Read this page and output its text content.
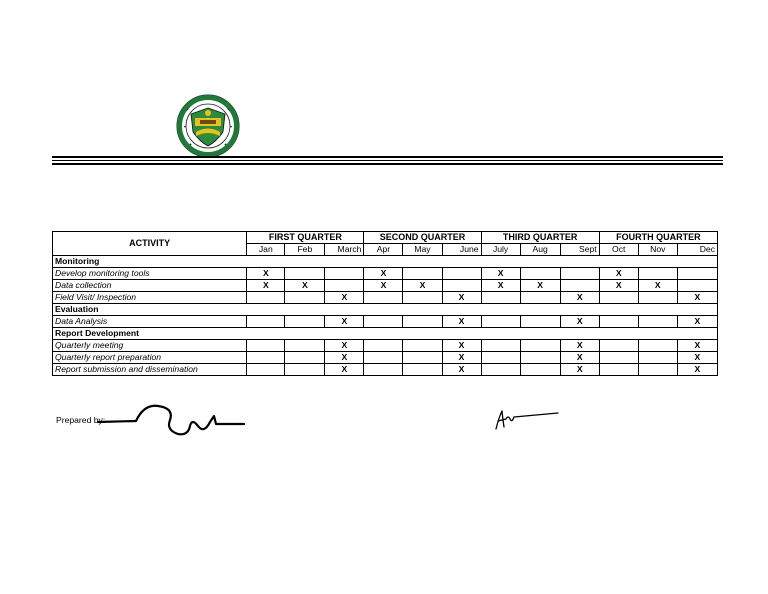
ACTIVITY	FIRST QUARTER			SECOND QUARTER			THIRD QUARTER			FOURTH QUARTER		
	Jan	Feb	March	Apr	May	June	July	Aug	Sept	Oct	Nov	Dec
Monitoring												
Develop monitoring tools	X			X			X			X		
Data collection	X	X		X	X		X	X		X	X	
Field Visit/ Inspection			X			X			X			X
Evaluation												
Data Analysis			X			X			X			X
Report Development												
Quarterly meeting			X			X			X			X
Quarterly report preparation			X			X			X			X
Report submission and dissemination			X			X			X			X
Prepared by:
